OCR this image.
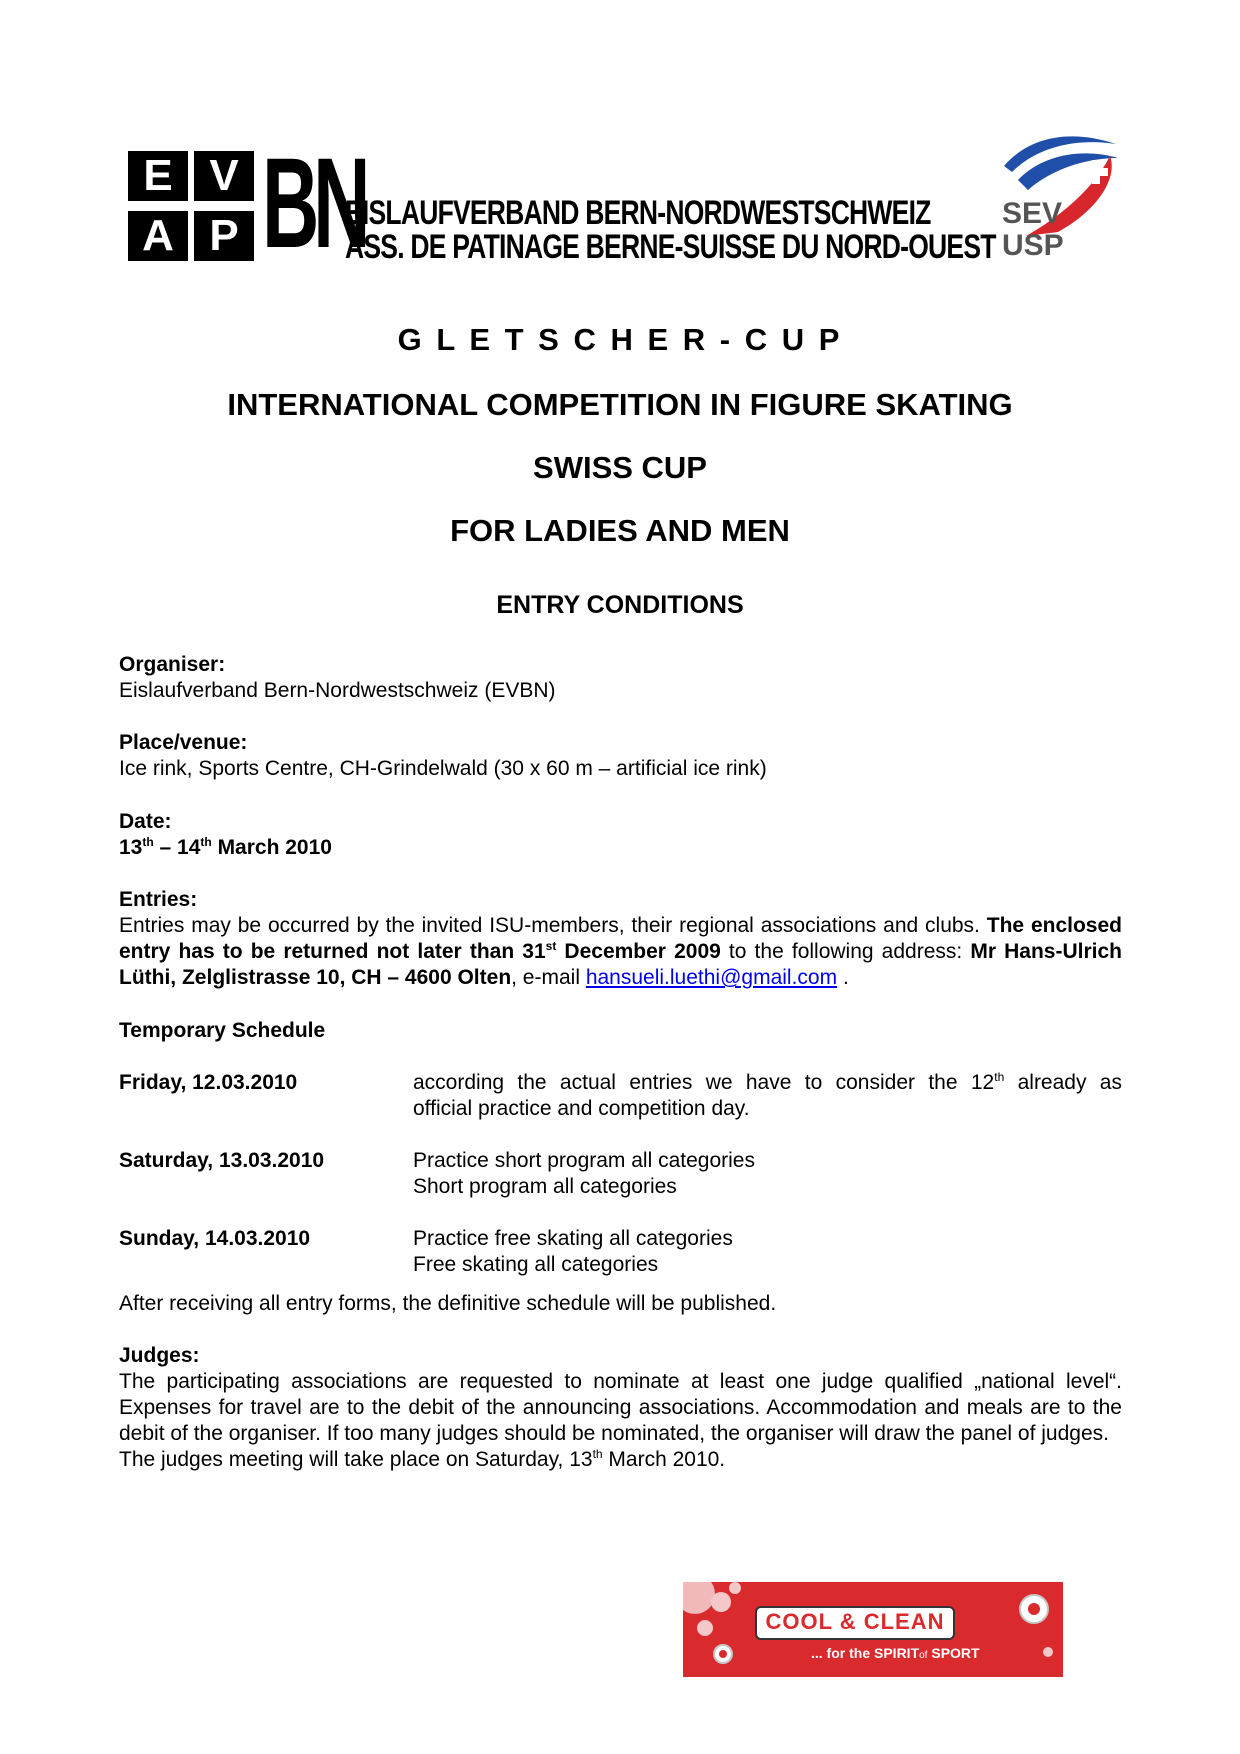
E V
A P BN
EISLAUFVERBAND BERN-NORDWESTSCHWEIZ
ASS. DE PATINAGE BERNE-SUISSE DU NORD-OUEST
SEV
USP
G L E T S C H E R - C U P
INTERNATIONAL COMPETITION IN FIGURE SKATING
SWISS CUP
FOR LADIES AND MEN
ENTRY CONDITIONS
Organiser:
Eislaufverband Bern-Nordwestschweiz (EVBN)
Place/venue:
Ice rink, Sports Centre, CH-Grindelwald (30 x 60 m – artificial ice rink)
Date:
13th – 14th March 2010
Entries:
Entries may be occurred by the invited ISU-members, their regional associations and clubs. The enclosed entry has to be returned not later than 31st December 2009 to the following address: Mr Hans-Ulrich Lüthi, Zelglistrasse 10, CH – 4600 Olten, e-mail hansueli.luethi@gmail.com .
Temporary Schedule
Friday, 12.03.2010	according the actual entries we have to consider the 12th already as
official practice and competition day.
Saturday, 13.03.2010	Practice short program all categories
Short program all categories
Sunday, 14.03.2010	Practice free skating all categories
Free skating all categories
After receiving all entry forms, the definitive schedule will be published.
Judges:
The participating associations are requested to nominate at least one judge qualified „national level“. Expenses for travel are to the debit of the announcing associations. Accommodation and meals are to the debit of the organiser. If too many judges should be nominated, the organiser will draw the panel of judges.
The judges meeting will take place on Saturday, 13th March 2010.
COOL & CLEAN
... for the SPIRITof SPORT
